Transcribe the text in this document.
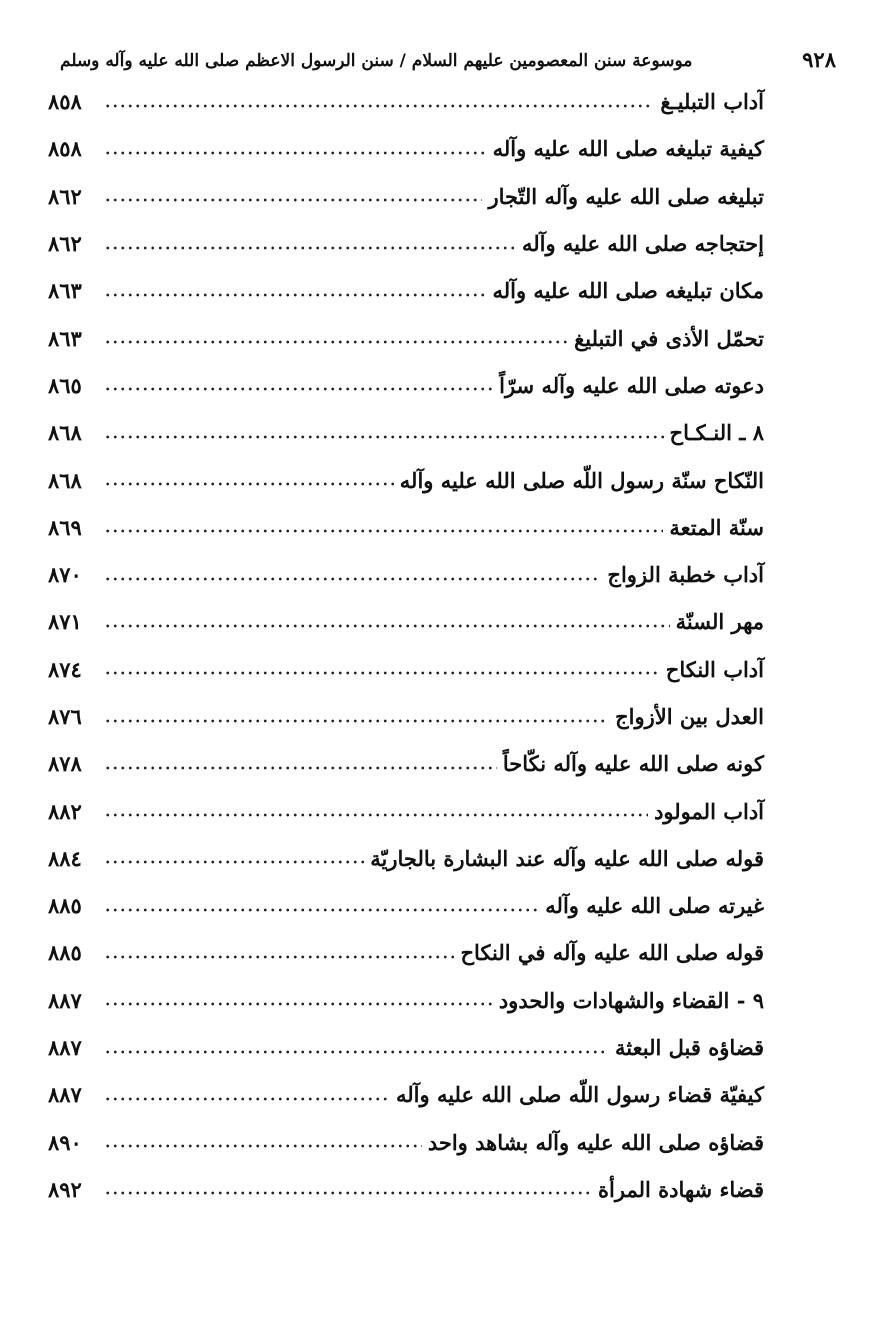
٩٢٨
موسوعة سنن المعصومين عليهم السلام / سنن الرسول الاعظم صلى الله عليه وآله وسلم
آداب التبليـغ
٨٥٨
كيفية تبليغه صلى الله عليه وآله
٨٥٨
تبليغه صلى الله عليه وآله التّجار
٨٦٢
إحتجاجه صلى الله عليه وآله
٨٦٢
مكان تبليغه صلى الله عليه وآله
٨٦٣
تحمّل الأذى في التبليغ
٨٦٣
دعوته صلى الله عليه وآله سرّاً
٨٦٥
٨ ـ النـكـاح
٨٦٨
النّكاح سنّة رسول اللّه صلى الله عليه وآله
٨٦٨
سنّة المتعة
٨٦٩
آداب خطبة الزواج
٨٧٠
مهر السنّة
٨٧١
آداب النكاح
٨٧٤
العدل بين الأزواج
٨٧٦
كونه صلى الله عليه وآله نكّاحاً
٨٧٨
آداب المولود
٨٨٢
قوله صلى الله عليه وآله عند البشارة بالجاريّة
٨٨٤
غيرته صلى الله عليه وآله
٨٨٥
قوله صلى الله عليه وآله في النكاح
٨٨٥
٩ - القضاء والشهادات والحدود
٨٨٧
قضاؤه قبل البعثة
٨٨٧
كيفيّة قضاء رسول اللّه صلى الله عليه وآله
٨٨٧
قضاؤه صلى الله عليه وآله بشاهد واحد
٨٩٠
قضاء شهادة المرأة
٨٩٢
